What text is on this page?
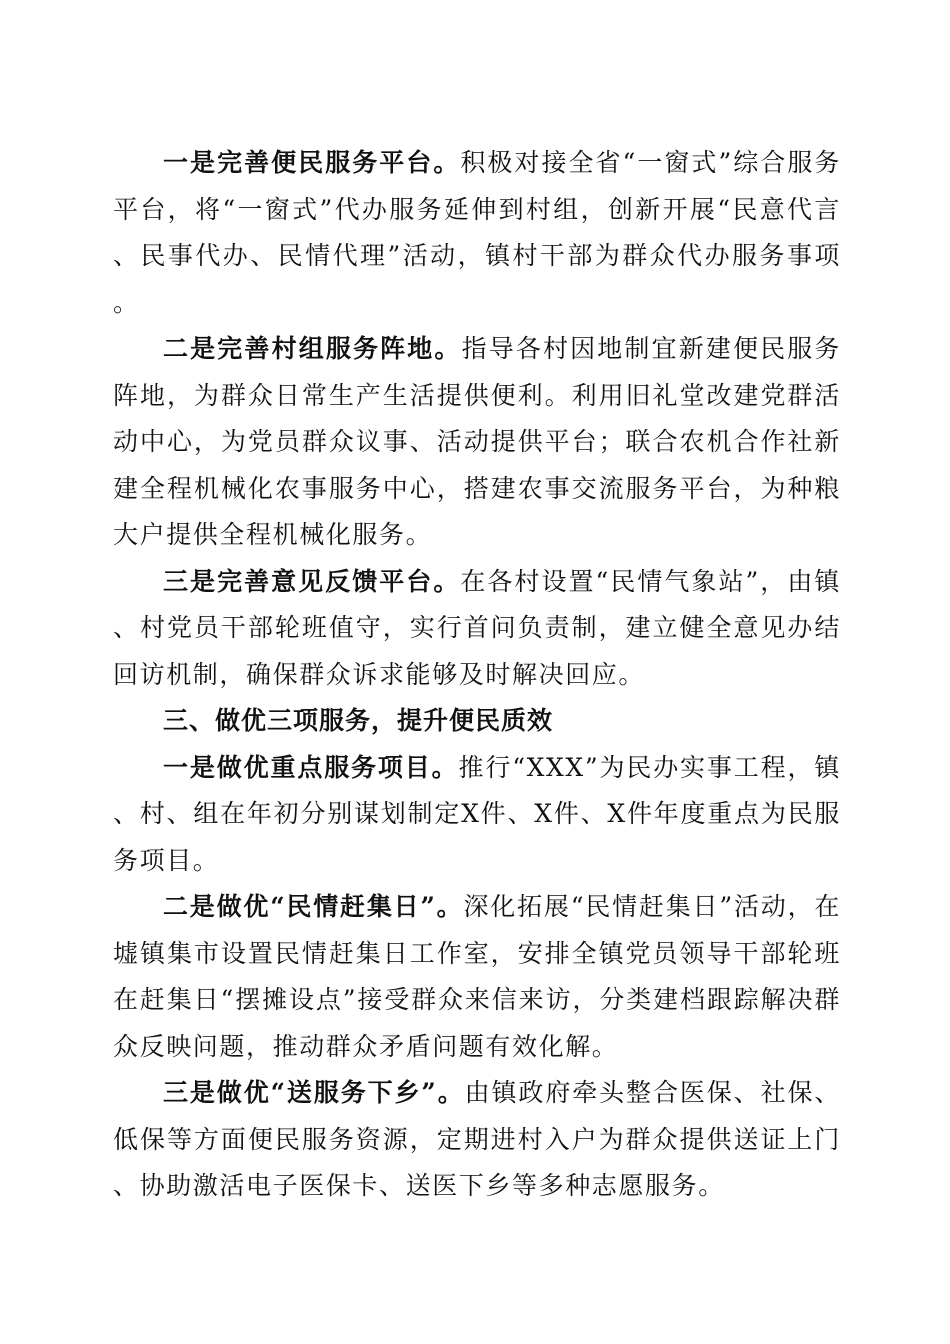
一是完善便民服务平台。积极对接全省“一窗式”综合服务平台，将“一窗式”代办服务延伸到村组，创新开展“民意代言、民事代办、民情代理”活动，镇村干部为群众代办服务事项。

二是完善村组服务阵地。指导各村因地制宜新建便民服务阵地，为群众日常生产生活提供便利。利用旧礼堂改建党群活动中心，为党员群众议事、活动提供平台；联合农机合作社新建全程机械化农事服务中心，搭建农事交流服务平台，为种粮大户提供全程机械化服务。

三是完善意见反馈平台。在各村设置“民情气象站”，由镇、村党员干部轮班值守，实行首问负责制，建立健全意见办结回访机制，确保群众诉求能够及时解决回应。

三、做优三项服务，提升便民质效

一是做优重点服务项目。推行“XXX”为民办实事工程，镇、村、组在年初分别谋划制定X件、X件、X件年度重点为民服务项目。

二是做优“民情赶集日”。深化拓展“民情赶集日”活动，在墟镇集市设置民情赶集日工作室，安排全镇党员领导干部轮班在赶集日“摆摊设点”接受群众来信来访，分类建档跟踪解决群众反映问题，推动群众矛盾问题有效化解。

三是做优“送服务下乡”。由镇政府牵头整合医保、社保、低保等方面便民服务资源，定期进村入户为群众提供送证上门、协助激活电子医保卡、送医下乡等多种志愿服务。
